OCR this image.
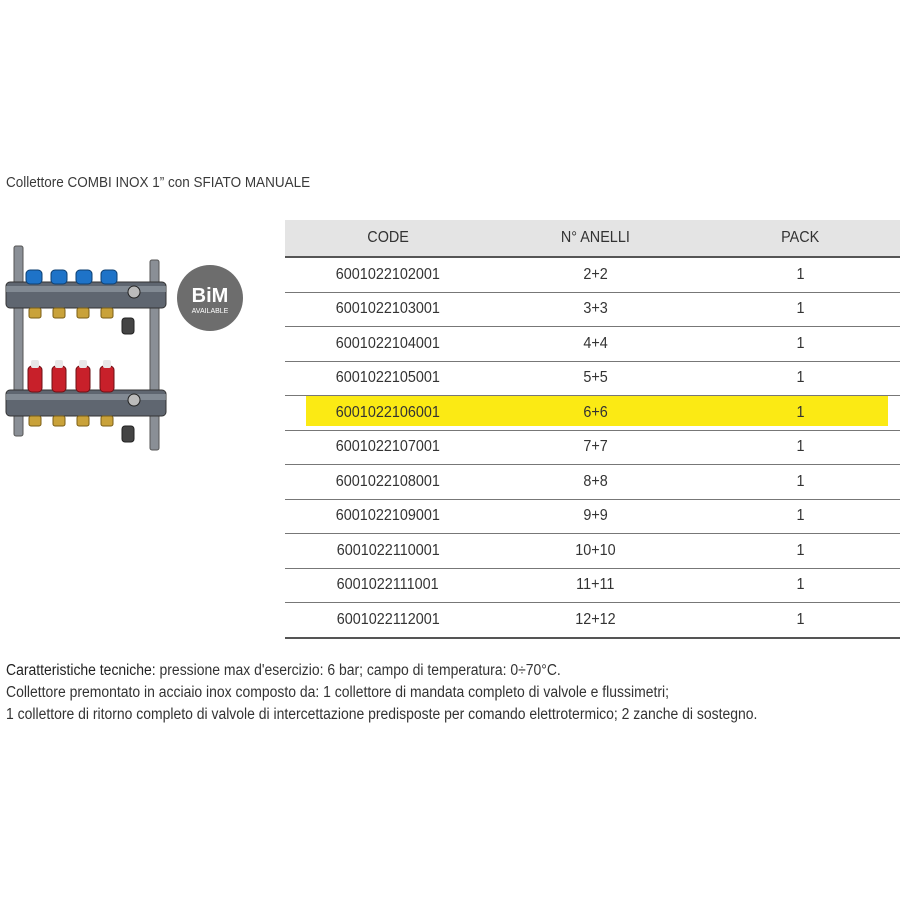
Collettore COMBI INOX 1” con SFIATO MANUALE
BiM
AVAILABLE
CODE	N° ANELLI	PACK
6001022102001	2+2	1
6001022103001	3+3	1
6001022104001	4+4	1
6001022105001	5+5	1
6001022106001	6+6	1
6001022107001	7+7	1
6001022108001	8+8	1
6001022109001	9+9	1
6001022110001	10+10	1
6001022111001	11+11	1
6001022112001	12+12	1
Caratteristiche tecniche: pressione max d'esercizio: 6 bar; campo di temperatura: 0÷70°C.
Collettore premontato in acciaio inox composto da: 1 collettore di mandata completo di valvole e flussimetri;
1 collettore di ritorno completo di valvole di intercettazione predisposte per comando elettrotermico; 2 zanche di sostegno.
